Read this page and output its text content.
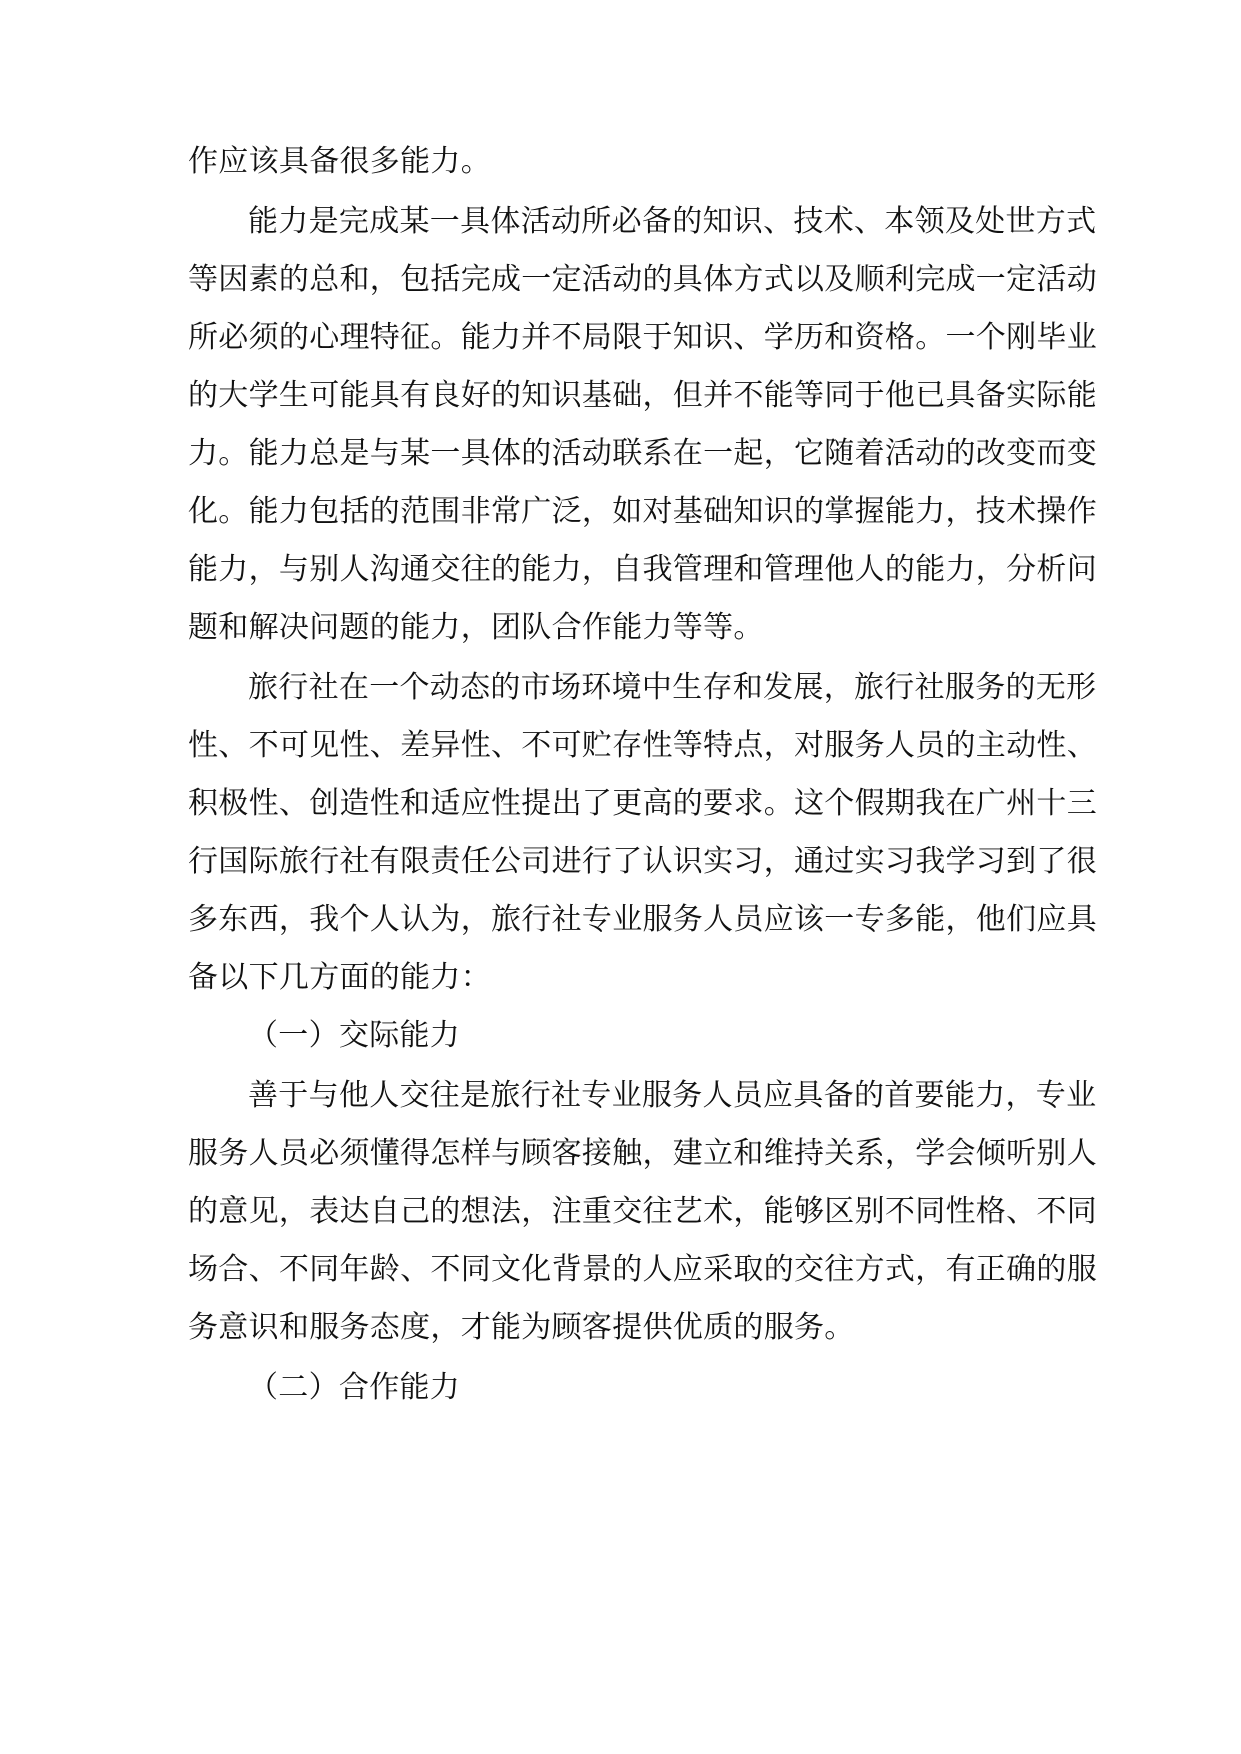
作应该具备很多能力。
能力是完成某一具体活动所必备的知识、技术、本领及处世方式
等因素的总和，包括完成一定活动的具体方式以及顺利完成一定活动
所必须的心理特征。能力并不局限于知识、学历和资格。一个刚毕业
的大学生可能具有良好的知识基础，但并不能等同于他已具备实际能
力。能力总是与某一具体的活动联系在一起，它随着活动的改变而变
化。能力包括的范围非常广泛，如对基础知识的掌握能力，技术操作
能力，与别人沟通交往的能力，自我管理和管理他人的能力，分析问
题和解决问题的能力，团队合作能力等等。
旅行社在一个动态的市场环境中生存和发展，旅行社服务的无形
性、不可见性、差异性、不可贮存性等特点，对服务人员的主动性、
积极性、创造性和适应性提出了更高的要求。这个假期我在广州十三
行国际旅行社有限责任公司进行了认识实习，通过实习我学习到了很
多东西，我个人认为，旅行社专业服务人员应该一专多能，他们应具
备以下几方面的能力：
（一）交际能力
善于与他人交往是旅行社专业服务人员应具备的首要能力，专业
服务人员必须懂得怎样与顾客接触，建立和维持关系，学会倾听别人
的意见，表达自己的想法，注重交往艺术，能够区别不同性格、不同
场合、不同年龄、不同文化背景的人应采取的交往方式，有正确的服
务意识和服务态度，才能为顾客提供优质的服务。
（二）合作能力
